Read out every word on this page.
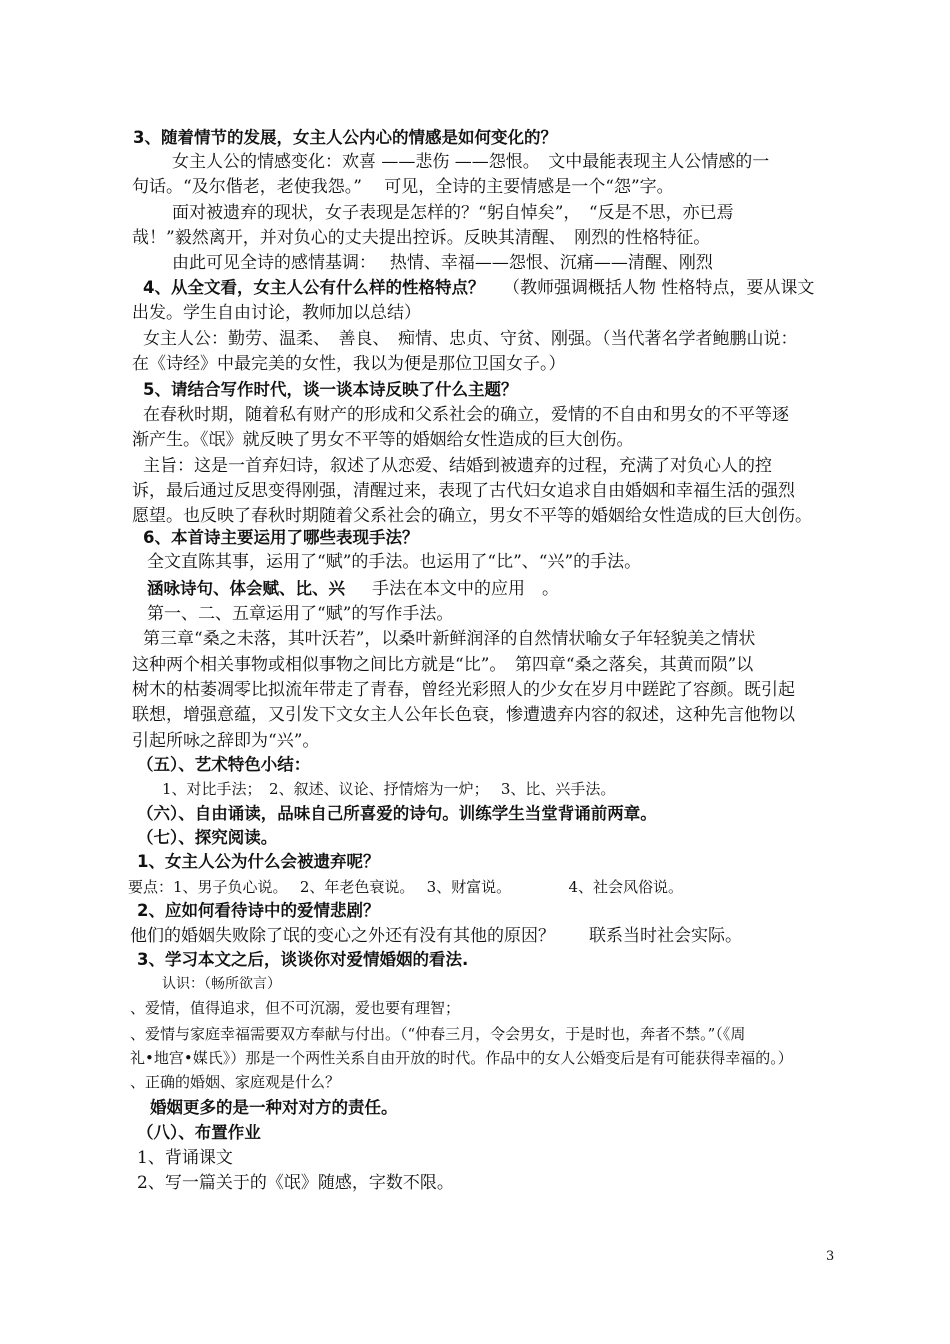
3、随着情节的发展，女主人公内心的情感是如何变化的？
女主人公的情感变化：欢喜 ——悲伤 ——怨恨。　文中最能表现主人公情感的一
句话。“及尔偕老，老使我怨。”　 可见，全诗的主要情感是一个“怨”字。
面对被遗弃的现状，女子表现是怎样的？“躬自悼矣”，　“反是不思，亦已焉
哉！”毅然离开，并对负心的丈夫提出控诉。反映其清醒、　刚烈的性格特征。
由此可见全诗的感情基调：　 热情、幸福——怨恨、沉痛——清醒、刚烈
4、从全文看，女主人公有什么样的性格特点？	（教师强调概括人物 性格特点，要从课文
出发。学生自由讨论，教师加以总结）
女主人公：勤劳、温柔、　善良、　痴情、忠贞、守贫、刚强。（当代著名学者鲍鹏山说：
在《诗经》中最完美的女性，我以为便是那位卫国女子。）
5、请结合写作时代，谈一谈本诗反映了什么主题？
在春秋时期，随着私有财产的形成和父系社会的确立，爱情的不自由和男女的不平等逐
渐产生。《氓》就反映了男女不平等的婚姻给女性造成的巨大创伤。
主旨：这是一首弃妇诗，叙述了从恋爱、结婚到被遗弃的过程，充满了对负心人的控
诉，最后通过反思变得刚强，清醒过来，表现了古代妇女追求自由婚姻和幸福生活的强烈
愿望。也反映了春秋时期随着父系社会的确立，男女不平等的婚姻给女性造成的巨大创伤。
6、本首诗主要运用了哪些表现手法？
全文直陈其事，运用了“赋”的手法。也运用了“比”、“兴”的手法。
涵咏诗句、体会赋、比、兴	手法在本文中的应用　。
第一、二、五章运用了“赋”的写作手法。
第三章“桑之未落，其叶沃若”，以桑叶新鲜润泽的自然情状喻女子年轻貌美之情状
这种两个相关事物或相似事物之间比方就是“比”。　第四章“桑之落矣，其黄而陨”以
树木的枯萎凋零比拟流年带走了青春，曾经光彩照人的少女在岁月中蹉跎了容颜。既引起
联想，增强意蕴，又引发下文女主人公年长色衰，惨遭遗弃内容的叙述，这种先言他物以
引起所咏之辞即为“兴”。
（五）、艺术特色小结：
1、对比手法；　2、叙述、议论、抒情熔为一炉；　 3、比、兴手法。
（六）、自由诵读，品味自己所喜爱的诗句。训练学生当堂背诵前两章。
（七）、探究阅读。
1、女主人公为什么会被遗弃呢？
要点：1、男子负心说。　 2、年老色衰说。　 3、财富说。　　　　 4、社会风俗说。
2、应如何看待诗中的爱情悲剧？
他们的婚姻失败除了氓的变心之外还有没有其他的原因？　　联系当时社会实际。
3、学习本文之后，谈谈你对爱情婚姻的看法.
认识：（畅所欲言）
、爱情，值得追求，但不可沉溺，爱也要有理智；
、爱情与家庭幸福需要双方奉献与付出。（“仲春三月，令会男女，于是时也，奔者不禁。”（《周
礼•地宫•媒氏》）那是一个两性关系自由开放的时代。作品中的女人公婚变后是有可能获得幸福的。）
、正确的婚姻、家庭观是什么？
婚姻更多的是一种对对方的责任。
（八）、布置作业
1、背诵课文
2、写一篇关于的《氓》随感，字数不限。
3
